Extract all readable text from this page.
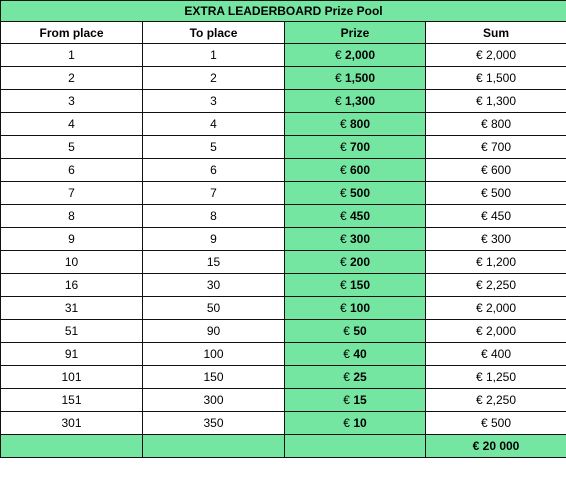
EXTRA LEADERBOARD Prize Pool			
From place	To place	Prize	Sum
1	1	€ 2,000	€ 2,000
2	2	€ 1,500	€ 1,500
3	3	€ 1,300	€ 1,300
4	4	€ 800	€ 800
5	5	€ 700	€ 700
6	6	€ 600	€ 600
7	7	€ 500	€ 500
8	8	€ 450	€ 450
9	9	€ 300	€ 300
10	15	€ 200	€ 1,200
16	30	€ 150	€ 2,250
31	50	€ 100	€ 2,000
51	90	€ 50	€ 2,000
91	100	€ 40	€ 400
101	150	€ 25	€ 1,250
151	300	€ 15	€ 2,250
301	350	€ 10	€ 500
			€ 20 000
